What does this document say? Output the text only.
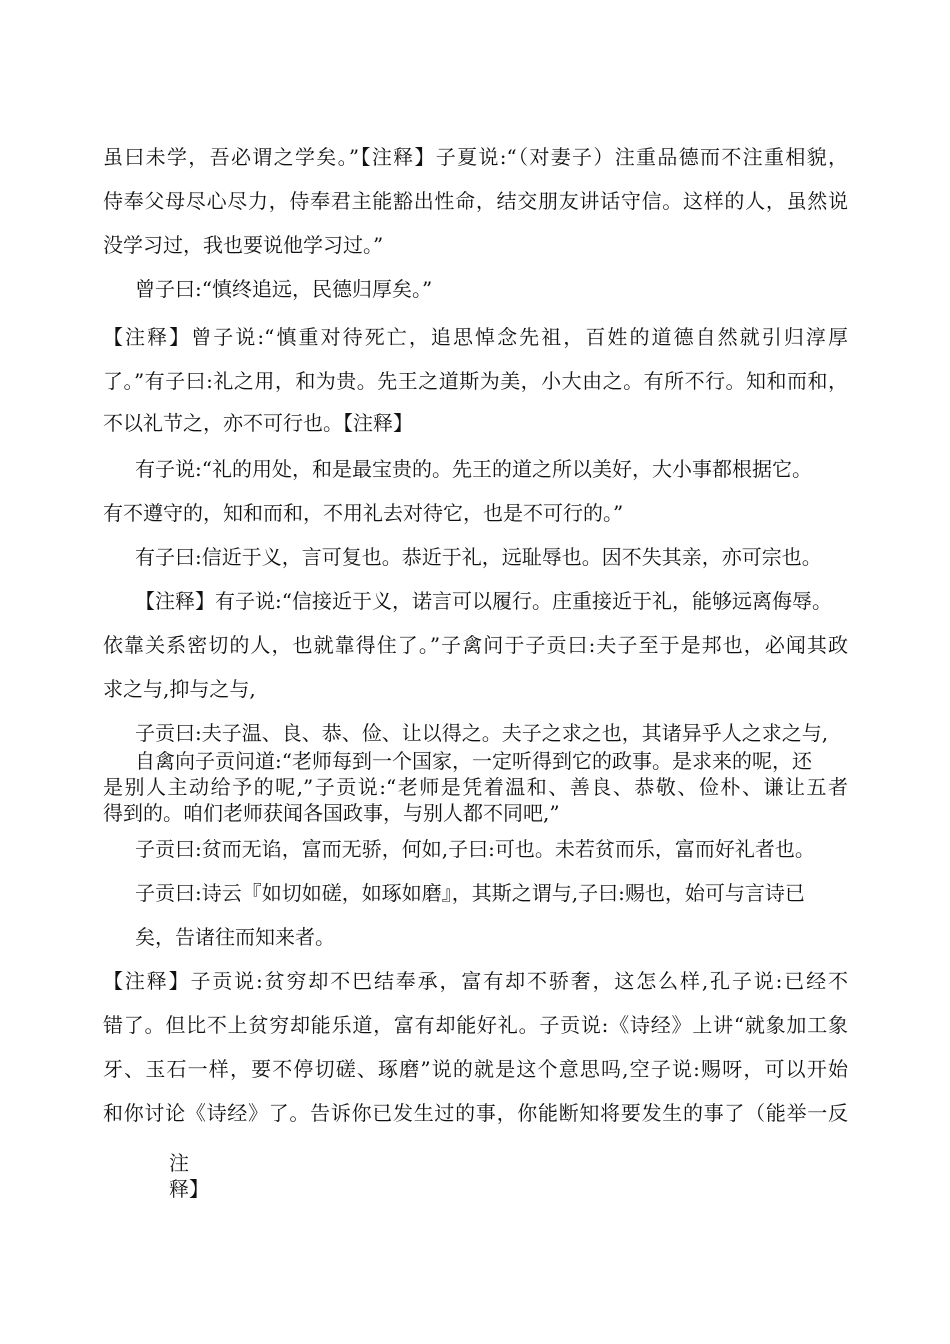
虽曰未学，吾必谓之学矣。”【注释】子夏说:“（对妻子）注重品德而不注重相貌，

侍奉父母尽心尽力，侍奉君主能豁出性命，结交朋友讲话守信。这样的人，虽然说

没学习过，我也要说他学习过。”

曾子曰:“慎终追远，民德归厚矣。”

【注释】曾子说:“慎重对待死亡，追思悼念先祖，百姓的道德自然就引归淳厚

了。”有子曰:礼之用，和为贵。先王之道斯为美，小大由之。有所不行。知和而和，

不以礼节之，亦不可行也。【注释】

有子说:“礼的用处，和是最宝贵的。先王的道之所以美好，大小事都根据它。

有不遵守的，知和而和，不用礼去对待它，也是不可行的。”

有子曰:信近于义，言可复也。恭近于礼，远耻辱也。因不失其亲，亦可宗也。

【注释】有子说:“信接近于义，诺言可以履行。庄重接近于礼，能够远离侮辱。

依靠关系密切的人，也就靠得住了。”子禽问于子贡曰:夫子至于是邦也，必闻其政

求之与,抑与之与,

子贡曰:夫子温、良、恭、俭、让以得之。夫子之求之也，其诸异乎人之求之与,

自禽向子贡问道:“老师每到一个国家，一定听得到它的政事。是求来的呢，还

是别人主动给予的呢,”子贡说:“老师是凭着温和、善良、恭敬、俭朴、谦让五者

得到的。咱们老师获闻各国政事，与别人都不同吧,”

子贡曰:贫而无谄，富而无骄，何如,子曰:可也。未若贫而乐，富而好礼者也。

子贡曰:诗云『如切如磋，如琢如磨』，其斯之谓与,子曰:赐也，始可与言诗已

矣，告诸往而知来者。

【注释】子贡说:贫穷却不巴结奉承，富有却不骄奢，这怎么样,孔子说:已经不

错了。但比不上贫穷却能乐道，富有却能好礼。子贡说:《诗经》上讲“就象加工象

牙、玉石一样，要不停切磋、琢磨”说的就是这个意思吗,空子说:赐呀，可以开始

和你讨论《诗经》了。告诉你已发生过的事，你能断知将要发生的事了（能举一反

注

释】
